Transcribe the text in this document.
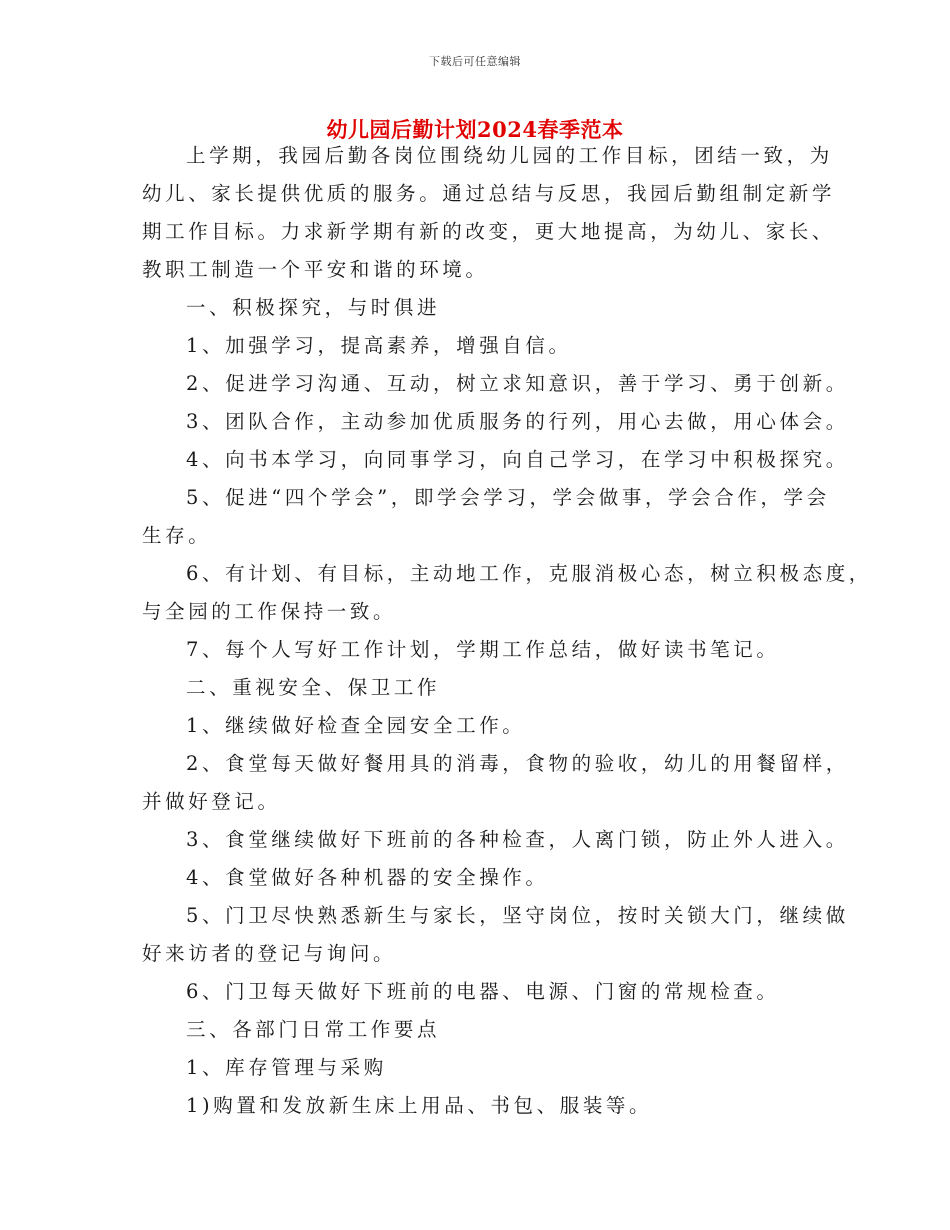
下载后可任意编辑
幼儿园后勤计划2024春季范本
上学期，我园后勤各岗位围绕幼儿园的工作目标，团结一致，为
幼儿、家长提供优质的服务。通过总结与反思，我园后勤组制定新学
期工作目标。力求新学期有新的改变，更大地提高，为幼儿、家长、
教职工制造一个平安和谐的环境。
一、积极探究，与时俱进
1、加强学习，提高素养，增强自信。
2、促进学习沟通、互动，树立求知意识，善于学习、勇于创新。
3、团队合作，主动参加优质服务的行列，用心去做，用心体会。
4、向书本学习，向同事学习，向自己学习，在学习中积极探究。
5、促进“四个学会”，即学会学习，学会做事，学会合作，学会
生存。
6、有计划、有目标，主动地工作，克服消极心态，树立积极态度，
与全园的工作保持一致。
7、每个人写好工作计划，学期工作总结，做好读书笔记。
二、重视安全、保卫工作
1、继续做好检查全园安全工作。
2、食堂每天做好餐用具的消毒，食物的验收，幼儿的用餐留样，
并做好登记。
3、食堂继续做好下班前的各种检查，人离门锁，防止外人进入。
4、食堂做好各种机器的安全操作。
5、门卫尽快熟悉新生与家长，坚守岗位，按时关锁大门，继续做
好来访者的登记与询问。
6、门卫每天做好下班前的电器、电源、门窗的常规检查。
三、各部门日常工作要点
1、库存管理与采购
1)购置和发放新生床上用品、书包、服装等。
